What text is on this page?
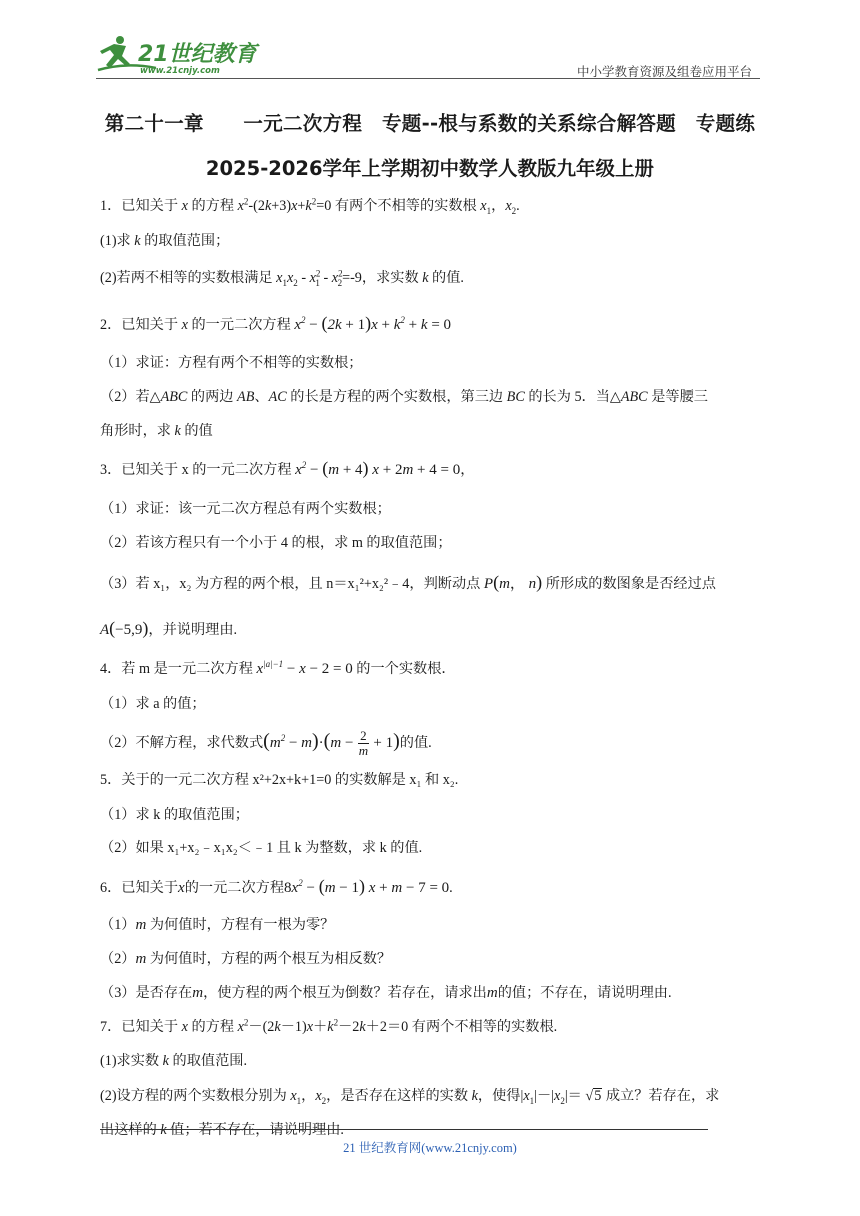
21世纪教育
www.21cnjy.com	中小学教育资源及组卷应用平台
第二十一章　　一元二次方程　专题--根与系数的关系综合解答题　专题练
2025-2026学年上学期初中数学人教版九年级上册
1．已知关于 x 的方程 $x^2-(2k+3)x+k^2=0$ 有两个不相等的实数根 $x_1$，$x_2$.
(1)求 k 的取值范围；
(2)若两不相等的实数根满足 $x_1x_2 - x^2_1 - x^2_2=-9$，求实数 k 的值.
2．已知关于 x 的一元二次方程 $x^2 - (2k + 1)x + k^2 + k = 0$
（1）求证：方程有两个不相等的实数根；
（2）若△ABC 的两边 AB、AC 的长是方程的两个实数根，第三边 BC 的长为 5．当△ABC 是等腰三
角形时，求 k 的值
3．已知关于 x 的一元二次方程 $x^2 - (m + 4) x + 2m + 4 = 0$，
（1）求证：该一元二次方程总有两个实数根；
（2）若该方程只有一个小于 4 的根，求 m 的取值范围；
（3）若 x₁，x₂ 为方程的两个根，且 n＝x₁²+x₂²﹣4，判断动点 P(m， n) 所形成的数图象是否经过点
A(−5,9)，并说明理由.
4．若 m 是一元二次方程 $x^{|a|-1} - x - 2 = 0$ 的一个实数根．
（1）求 a 的值；
（2）不解方程，求代数式$(m^2 - m)\cdot(m - \frac{2}{m} + 1)$的值.
5．关于的一元二次方程 x²+2x+k+1=0 的实数解是 x₁ 和 x₂.
（1）求 k 的取值范围；
（2）如果 x₁+x₂﹣x₁x₂＜﹣1 且 k 为整数，求 k 的值.
6．已知关于x的一元二次方程$8x^2 - (m - 1) x + m - 7 = 0$.
（1）m 为何值时，方程有一根为零？
（2）m 为何值时，方程的两个根互为相反数？
（3）是否存在m，使方程的两个根互为倒数？若存在，请求出m的值；不存在，请说明理由.
7．已知关于 x 的方程 $x^2-(2k-1)x+k^2-2k+2=0$ 有两个不相等的实数根.
(1)求实数 k 的取值范围.
(2)设方程的两个实数根分别为 $x_1$，$x_2$，是否存在这样的实数 k，使得$|x_1|-|x_2|= √5$ 成立？若存在，求
出这样的 k 值；若不存在，请说明理由.
21 世纪教育网(www.21cnjy.com)
